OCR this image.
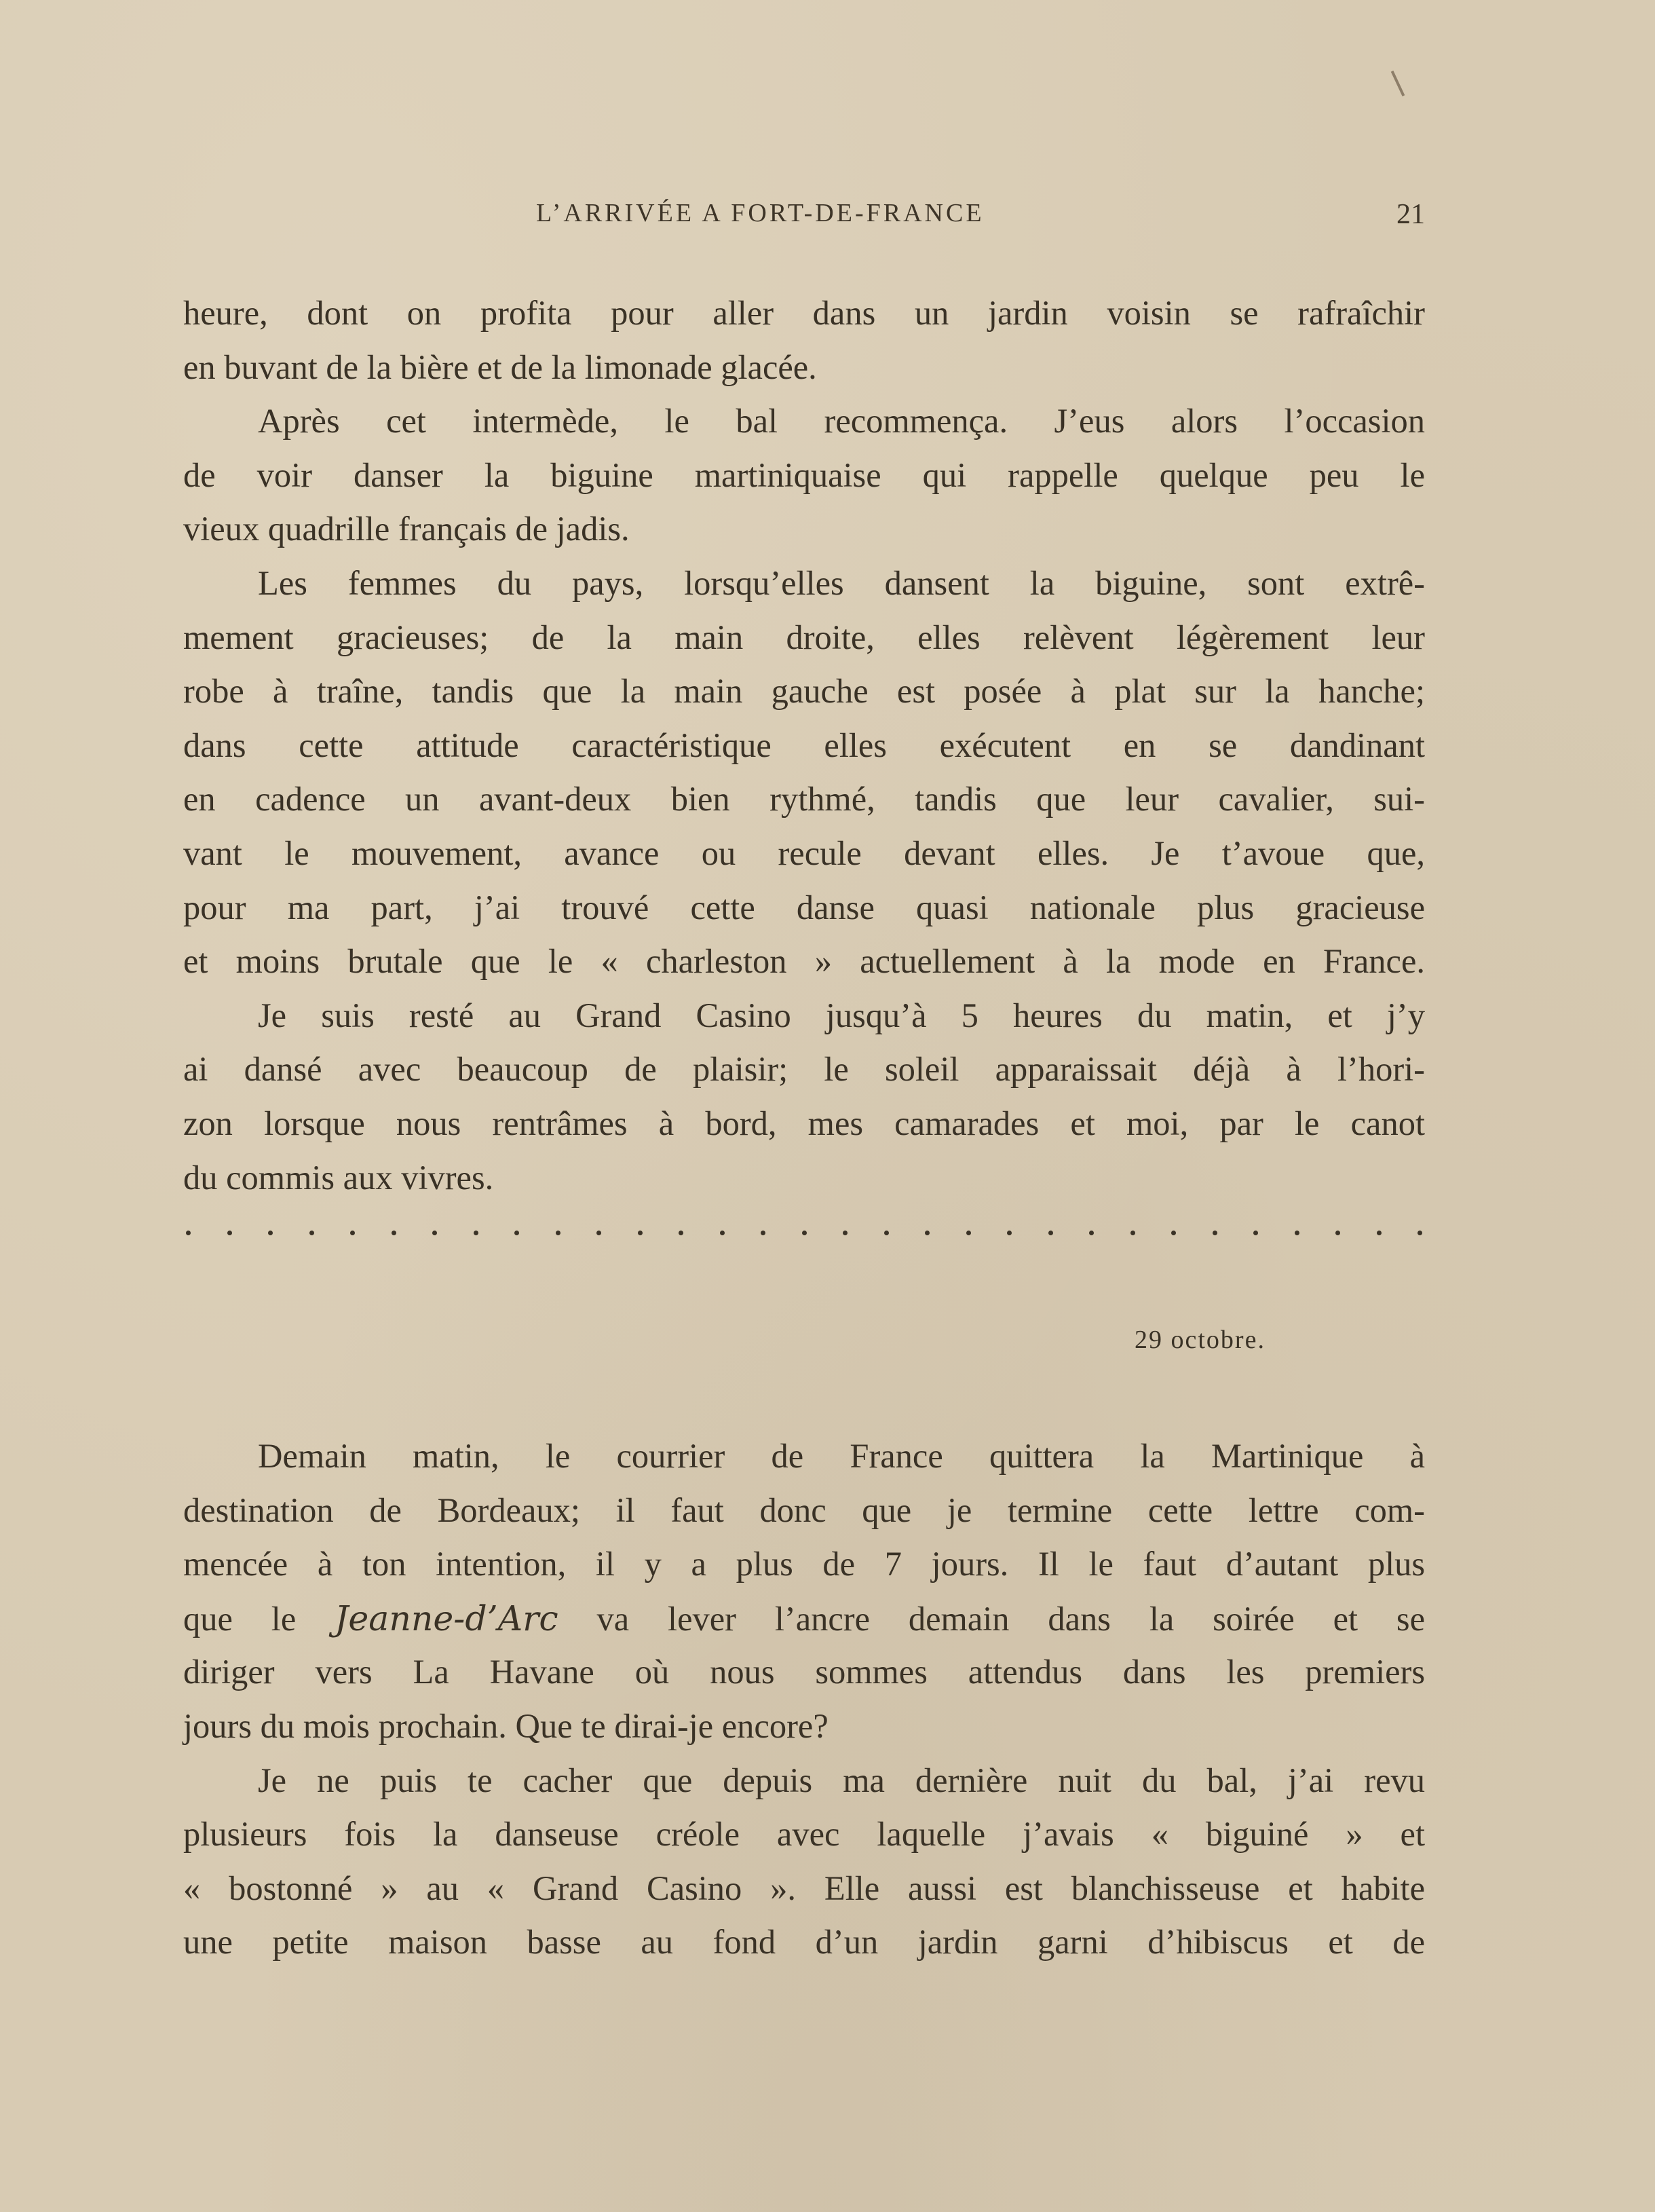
L’ARRIVÉE A FORT-DE-FRANCE	21
heure, dont on profita pour aller dans un jardin voisin se rafraîchir
en buvant de la bière et de la limonade glacée.
Après cet intermède, le bal recommença. J’eus alors l’occasion
de voir danser la biguine martiniquaise qui rappelle quelque peu le
vieux quadrille français de jadis.
Les femmes du pays, lorsqu’elles dansent la biguine, sont extrê-
mement gracieuses; de la main droite, elles relèvent légèrement leur
robe à traîne, tandis que la main gauche est posée à plat sur la hanche;
dans cette attitude caractéristique elles exécutent en se dandinant
en cadence un avant-deux bien rythmé, tandis que leur cavalier, sui-
vant le mouvement, avance ou recule devant elles. Je t’avoue que,
pour ma part, j’ai trouvé cette danse quasi nationale plus gracieuse
et moins brutale que le « charleston » actuellement à la mode en France.
Je suis resté au Grand Casino jusqu’à 5 heures du matin, et j’y
ai dansé avec beaucoup de plaisir; le soleil apparaissait déjà à l’hori-
zon lorsque nous rentrâmes à bord, mes camarades et moi, par le canot
du commis aux vivres.
29 octobre.
Demain matin, le courrier de France quittera la Martinique à
destination de Bordeaux; il faut donc que je termine cette lettre com-
mencée à ton intention, il y a plus de 7 jours. Il le faut d’autant plus
que le Jeanne-d’Arc va lever l’ancre demain dans la soirée et se
diriger vers La Havane où nous sommes attendus dans les premiers
jours du mois prochain. Que te dirai-je encore?
Je ne puis te cacher que depuis ma dernière nuit du bal, j’ai revu
plusieurs fois la danseuse créole avec laquelle j’avais « biguiné » et
« bostonné » au « Grand Casino ». Elle aussi est blanchisseuse et habite
une petite maison basse au fond d’un jardin garni d’hibiscus et de
